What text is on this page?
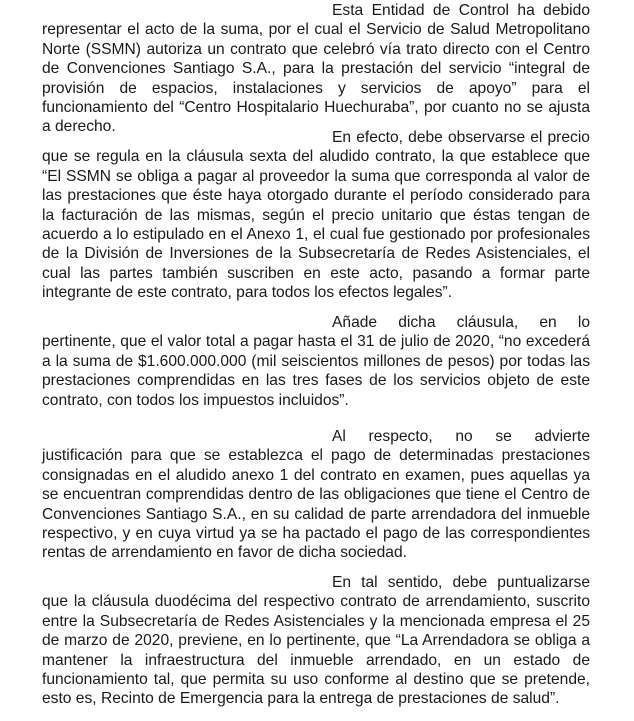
Esta Entidad de Control ha debido representar el acto de la suma, por el cual el Servicio de Salud Metropolitano Norte (SSMN) autoriza un contrato que celebró vía trato directo con el Centro de Convenciones Santiago S.A., para la prestación del servicio “integral de provisión de espacios, instalaciones y servicios de apoyo” para el funcionamiento del “Centro Hospitalario Huechuraba”, por cuanto no se ajusta a derecho.

En efecto, debe observarse el precio que se regula en la cláusula sexta del aludido contrato, la que establece que “El SSMN se obliga a pagar al proveedor la suma que corresponda al valor de las prestaciones que éste haya otorgado durante el período considerado para la facturación de las mismas, según el precio unitario que éstas tengan de acuerdo a lo estipulado en el Anexo 1, el cual fue gestionado por profesionales de la División de Inversiones de la Subsecretaría de Redes Asistenciales, el cual las partes también suscriben en este acto, pasando a formar parte integrante de este contrato, para todos los efectos legales”.

Añade dicha cláusula, en lo pertinente, que el valor total a pagar hasta el 31 de julio de 2020, “no excederá a la suma de $1.600.000.000 (mil seiscientos millones de pesos) por todas las prestaciones comprendidas en las tres fases de los servicios objeto de este contrato, con todos los impuestos incluidos”.

Al respecto, no se advierte justificación para que se establezca el pago de determinadas prestaciones consignadas en el aludido anexo 1 del contrato en examen, pues aquellas ya se encuentran comprendidas dentro de las obligaciones que tiene el Centro de Convenciones Santiago S.A., en su calidad de parte arrendadora del inmueble respectivo, y en cuya virtud ya se ha pactado el pago de las correspondientes rentas de arrendamiento en favor de dicha sociedad.

En tal sentido, debe puntualizarse que la cláusula duodécima del respectivo contrato de arrendamiento, suscrito entre la Subsecretaría de Redes Asistenciales y la mencionada empresa el 25 de marzo de 2020, previene, en lo pertinente, que “La Arrendadora se obliga a mantener la infraestructura del inmueble arrendado, en un estado de funcionamiento tal, que permita su uso conforme al destino que se pretende, esto es, Recinto de Emergencia para la entrega de prestaciones de salud”.
